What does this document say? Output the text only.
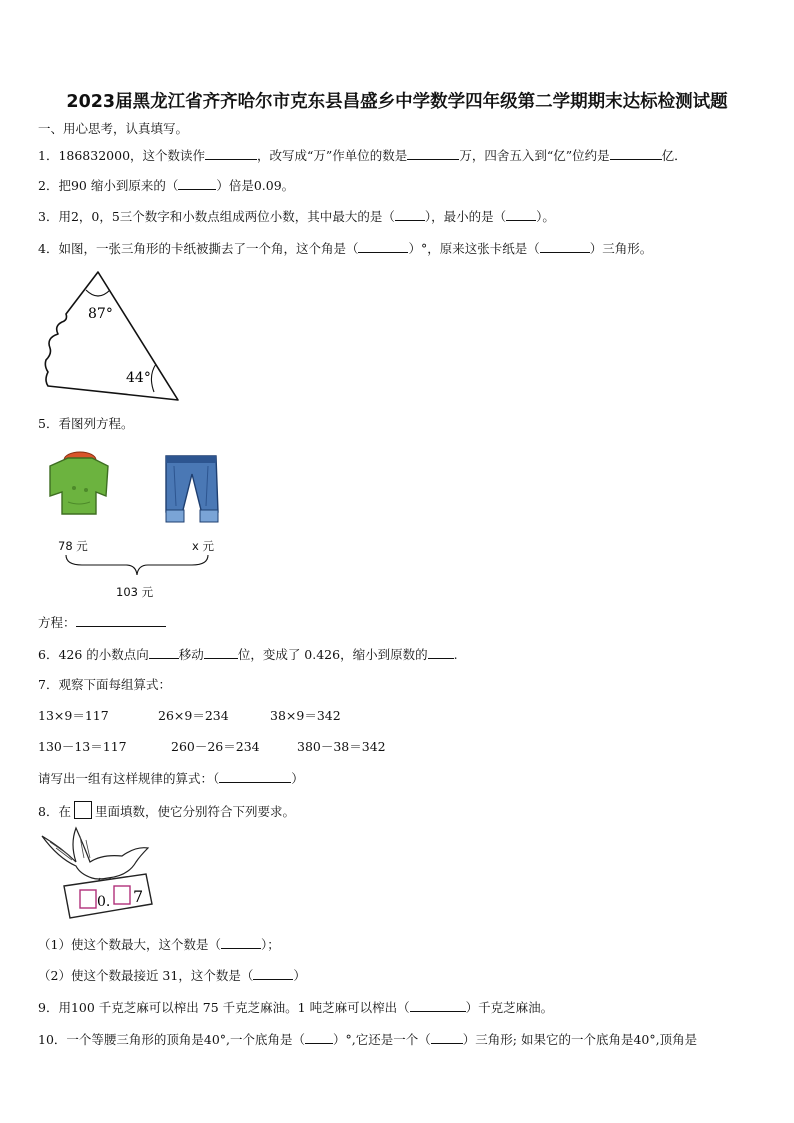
2023届黑龙江省齐齐哈尔市克东县昌盛乡中学数学四年级第二学期期末达标检测试题
一、用心思考，认真填写。
1．186832000，这个数读作	，改写成“万”作单位的数是	万，四舍五入到“亿”位约是	亿．
2．把90 缩小到原来的（	）倍是0.09。
3．用2，0，5三个数字和小数点组成两位小数，其中最大的是（ ），最小的是（ ）。
4．如图，一张三角形的卡纸被撕去了一个角，这个角是（	）°，原来这张卡纸是（	）三角形。
87°
44°
5．看图列方程。
78 元	x 元
103 元
方程：
6．426 的小数点向 移动	位，变成了 0.426，缩小到原数的 .
7．观察下面每组算式：
13×9＝117	26×9＝234	38×9＝342
130－13＝117	260－26＝234	380－38＝342
请写出一组有这样规律的算式：（	）
8．在 里面填数，使它分别符合下列要求。
0. 7
（1）使这个数最大，这个数是（	）；
（2）使这个数最接近 31，这个数是（	）
9．用100 千克芝麻可以榨出 75 千克芝麻油。1 吨芝麻可以榨出（	）千克芝麻油。
10．一个等腰三角形的顶角是40°,一个底角是（ ）°,它还是一个（	）三角形; 如果它的一个底角是40°,顶角是
